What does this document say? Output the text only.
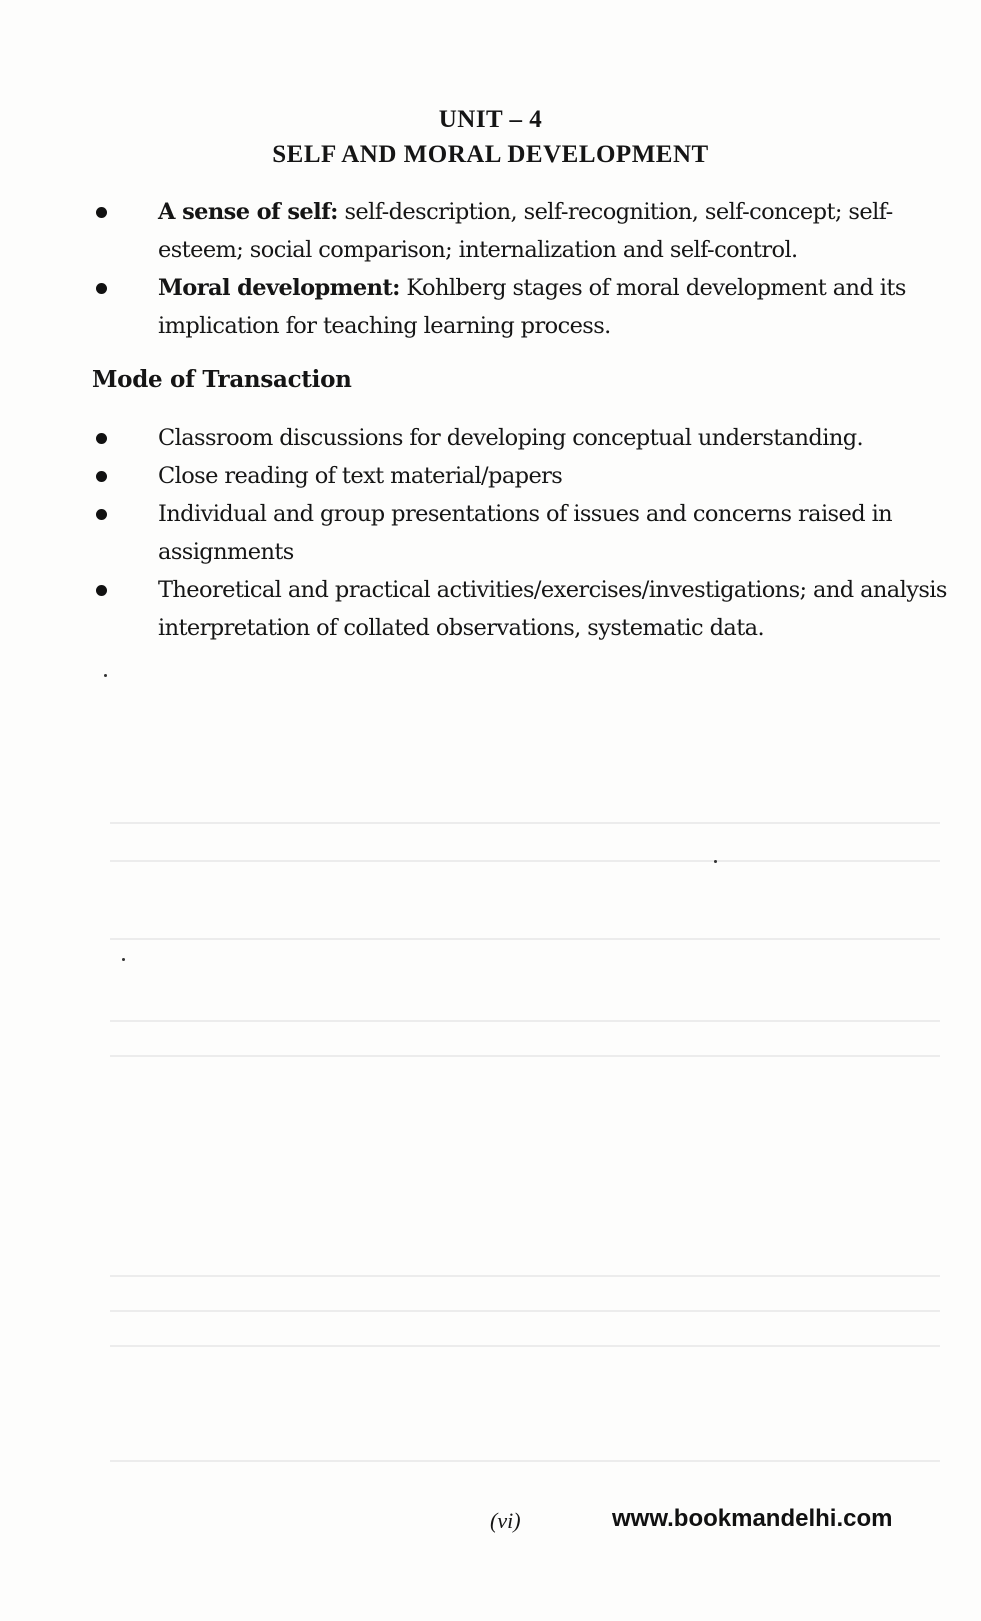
UNIT – 4
SELF AND MORAL DEVELOPMENT
A sense of self: self-description, self-recognition, self-concept; self-esteem; social comparison; internalization and self-control.
Moral development: Kohlberg stages of moral development and its implication for teaching learning process.
Mode of Transaction
Classroom discussions for developing conceptual understanding.
Close reading of text material/papers
Individual and group presentations of issues and concerns raised in assignments
Theoretical and practical activities/exercises/investigations; and analysis interpretation of collated observations, systematic data.
(vi)	www.bookmandelhi.com
